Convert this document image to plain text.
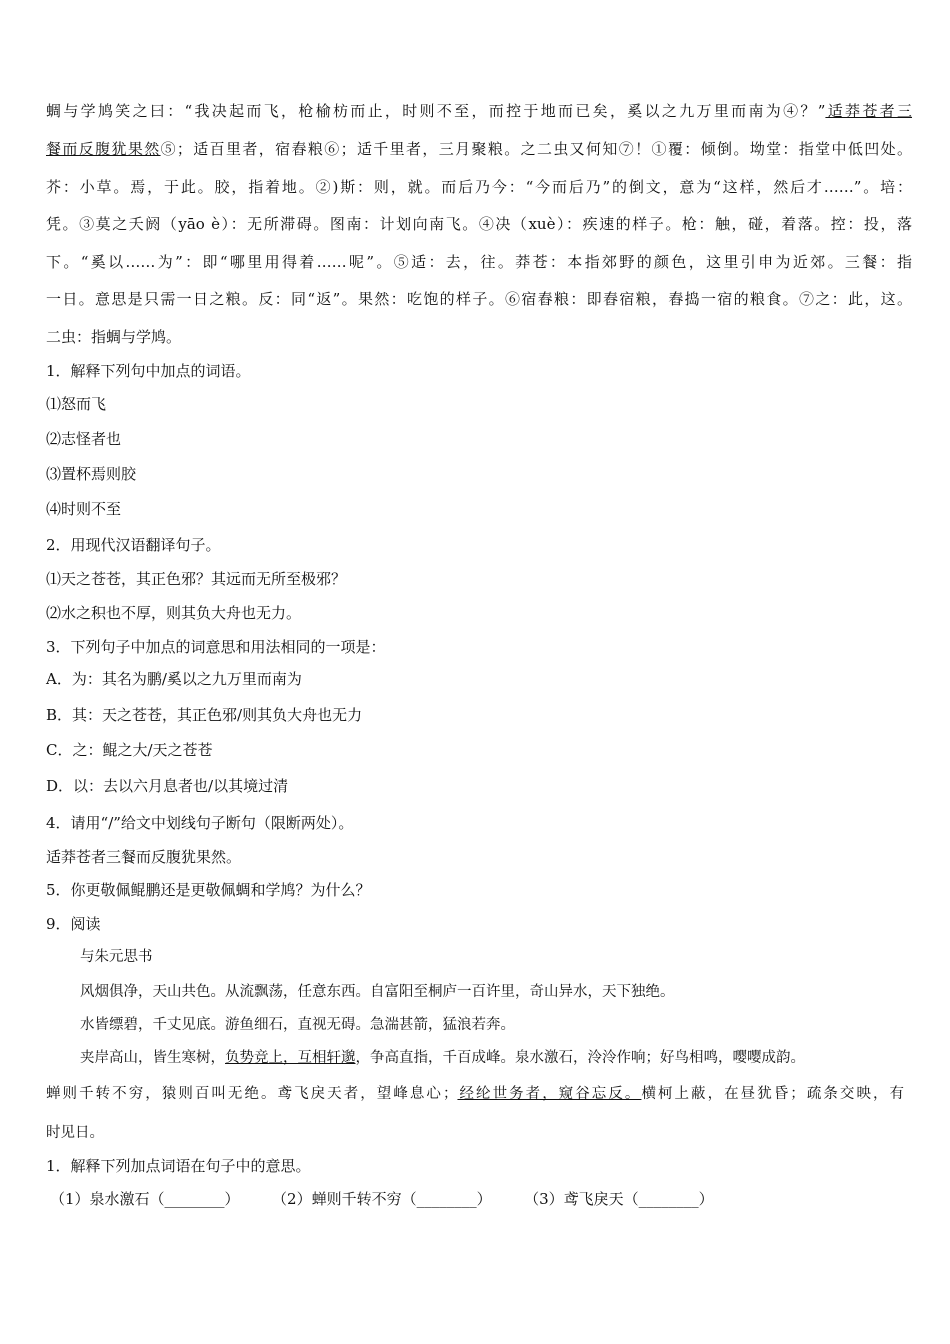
蜩与学鸠笑之曰：“我决起而飞，枪榆枋而止，时则不至，而控于地而已矣，奚以之九万里而南为④？”适莽苍者三
餐而反腹犹果然⑤；适百里者，宿舂粮⑥；适千里者，三月聚粮。之二虫又何知⑦！①覆：倾倒。坳堂：指堂中低凹处。
芥：小草。焉，于此。胶，指着地。②)斯：则，就。而后乃今：“今而后乃”的倒文，意为“这样，然后才……”。培：
凭。③莫之夭阏（yāo è）：无所滞碍。图南：计划向南飞。④决（xuè）：疾速的样子。枪：触，碰，着落。控：投，落
下。“奚以……为”：即“哪里用得着……呢”。⑤适：去，往。莽苍：本指郊野的颜色，这里引申为近郊。三餐：指
一日。意思是只需一日之粮。反：同“返”。果然：吃饱的样子。⑥宿舂粮：即舂宿粮，舂捣一宿的粮食。⑦之：此，这。
二虫：指蜩与学鸠。
1．解释下列句中加点的词语。
⑴怒而飞
⑵志怪者也
⑶置杯焉则胶
⑷时则不至
2．用现代汉语翻译句子。
⑴天之苍苍，其正色邪？其远而无所至极邪？
⑵水之积也不厚，则其负大舟也无力。
3．下列句子中加点的词意思和用法相同的一项是：
A．为：其名为鹏/奚以之九万里而南为
B．其：天之苍苍，其正色邪/则其负大舟也无力
C．之：鲲之大/天之苍苍
D．以：去以六月息者也/以其境过清
4．请用“/”给文中划线句子断句（限断两处）。
适莽苍者三餐而反腹犹果然。
5．你更敬佩鲲鹏还是更敬佩蜩和学鸠？为什么？
9．阅读
与朱元思书
风烟俱净，天山共色。从流飘荡，任意东西。自富阳至桐庐一百许里，奇山异水，天下独绝。
水皆缥碧，千丈见底。游鱼细石，直视无碍。急湍甚箭，猛浪若奔。
夹岸高山，皆生寒树，负势竞上，互相轩邈，争高直指，千百成峰。泉水激石，泠泠作响；好鸟相鸣，嘤嘤成韵。
蝉则千转不穷，猿则百叫无绝。鸢飞戾天者，望峰息心；经纶世务者，窥谷忘反。横柯上蔽，在昼犹昏；疏条交映，有
时见日。
1．解释下列加点词语在句子中的意思。
（1）泉水激石（________）	（2）蝉则千转不穷（________）	（3）鸢飞戾天（________）
